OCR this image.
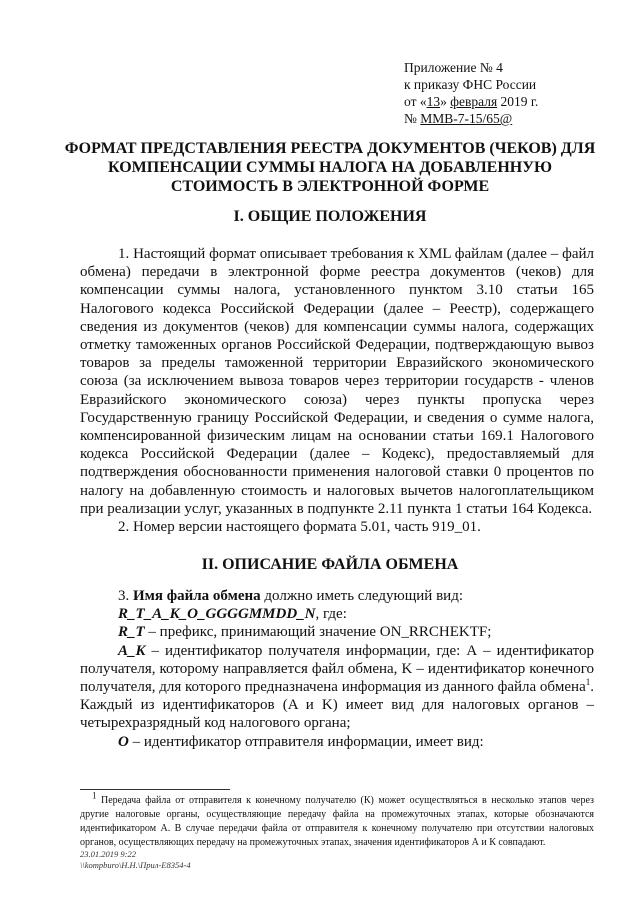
Приложение № 4
к приказу ФНС России
от «13» февраля 2019 г.
№ ММВ-7-15/65@
ФОРМАТ ПРЕДСТАВЛЕНИЯ РЕЕСТРА ДОКУМЕНТОВ (ЧЕКОВ) ДЛЯ
КОМПЕНСАЦИИ СУММЫ НАЛОГА НА ДОБАВЛЕННУЮ
СТОИМОСТЬ В ЭЛЕКТРОННОЙ ФОРМЕ
I. ОБЩИЕ ПОЛОЖЕНИЯ

1. Настоящий формат описывает требования к XML файлам (далее – файл обмена) передачи в электронной форме реестра документов (чеков) для компенсации суммы налога, установленного пунктом 3.10 статьи 165 Налогового кодекса Российской Федерации (далее – Реестр), содержащего сведения из документов (чеков) для компенсации суммы налога, содержащих отметку таможенных органов Российской Федерации, подтверждающую вывоз товаров за пределы таможенной территории Евразийского экономического союза (за исключением вывоза товаров через территории государств - членов Евразийского экономического союза) через пункты пропуска через Государственную границу Российской Федерации, и сведения о сумме налога, компенсированной физическим лицам на основании статьи 169.1 Налогового кодекса Российской Федерации (далее – Кодекс), предоставляемый для подтверждения обоснованности применения налоговой ставки 0 процентов по налогу на добавленную стоимость и налоговых вычетов налогоплательщиком при реализации услуг, указанных в подпункте 2.11 пункта 1 статьи 164 Кодекса.

2. Номер версии настоящего формата 5.01, часть 919_01.

II. ОПИСАНИЕ ФАЙЛА ОБМЕНА

3. Имя файла обмена должно иметь следующий вид:

R_T_A_K_O_GGGGMMDD_N, где:

R_T – префикс, принимающий значение ON_RRCHEKTF;

A_K – идентификатор получателя информации, где: А – идентификатор получателя, которому направляется файл обмена, K – идентификатор конечного получателя, для которого предназначена информация из данного файла обмена$^1$. Каждый из идентификаторов (A и K) имеет вид для налоговых органов – четырехразрядный код налогового органа;

O – идентификатор отправителя информации, имеет вид:

$^1$ Передача файла от отправителя к конечному получателю (К) может осуществляться в несколько этапов через другие налоговые органы, осуществляющие передачу файла на промежуточных этапах, которые обозначаются идентификатором А. В случае передачи файла от отправителя к конечному получателю при отсутствии налоговых органов, осуществляющих передачу на промежуточных этапах, значения идентификаторов А и К совпадают.

23.01.2019 9:22
\\kompburo\Н.Н.\Прил-Е8354-4
